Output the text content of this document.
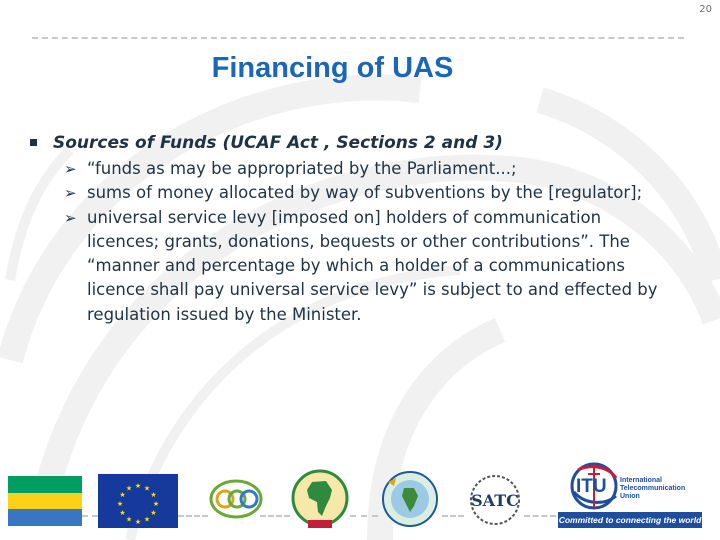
20
Financing of UAS
Sources of Funds (UCAF Act , Sections 2 and 3)
➢ “funds as may be appropriated by the Parliament...;
➢ sums of money allocated by way of subventions by the [regulator];
➢ universal service levy [imposed on] holders of communication licences; grants, donations, bequests or other contributions”. The “manner and percentage by which a holder of a communications licence shall pay universal service levy” is subject to and effected by regulation issued by the Minister.
★ ★
★
★
★
★
★
★
★
★
★
★
SATC
ITU International
Telecommunication
Union
Committed to connecting the world
